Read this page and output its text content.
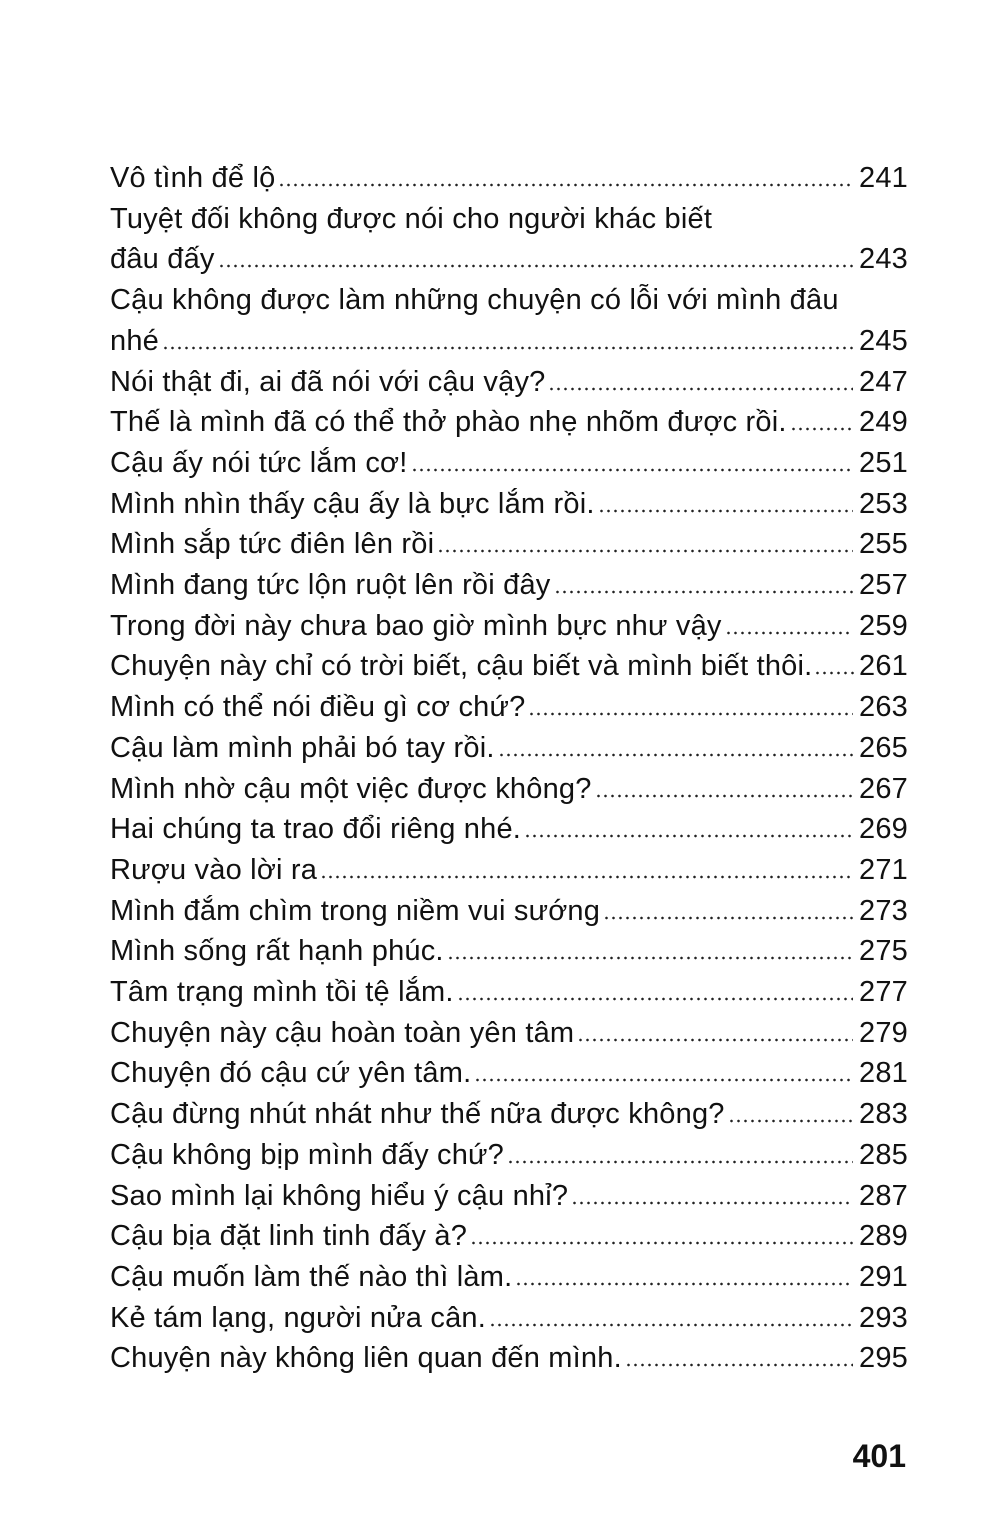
Vô tình để lộ	241
Tuyệt đối không được nói cho người khác biết
đâu đấy	243
Cậu không được làm những chuyện có lỗi với mình đâu
nhé	245
Nói thật đi, ai đã nói với cậu vậy?	247
Thế là mình đã có thể thở phào nhẹ nhõm được rồi. 249
Cậu ấy nói tức lắm cơ!	251
Mình nhìn thấy cậu ấy là bực lắm rồi.	253
Mình sắp tức điên lên rồi	255
Mình đang tức lộn ruột lên rồi đây	257
Trong đời này chưa bao giờ mình bực như vậy	259
Chuyện này chỉ có trời biết, cậu biết và mình biết thôi. 261
Mình có thể nói điều gì cơ chứ?	263
Cậu làm mình phải bó tay rồi.	265
Mình nhờ cậu một việc được không?	267
Hai chúng ta trao đổi riêng nhé.	269
Rượu vào lời ra	271
Mình đắm chìm trong niềm vui sướng	273
Mình sống rất hạnh phúc.	275
Tâm trạng mình tồi tệ lắm.	277
Chuyện này cậu hoàn toàn yên tâm	279
Chuyện đó cậu cứ yên tâm.	281
Cậu đừng nhút nhát như thế nữa được không?	283
Cậu không bịp mình đấy chứ?	285
Sao mình lại không hiểu ý cậu nhỉ?	287
Cậu bịa đặt linh tinh đấy à?	289
Cậu muốn làm thế nào thì làm.	291
Kẻ tám lạng, người nửa cân.	293
Chuyện này không liên quan đến mình.	295
401
